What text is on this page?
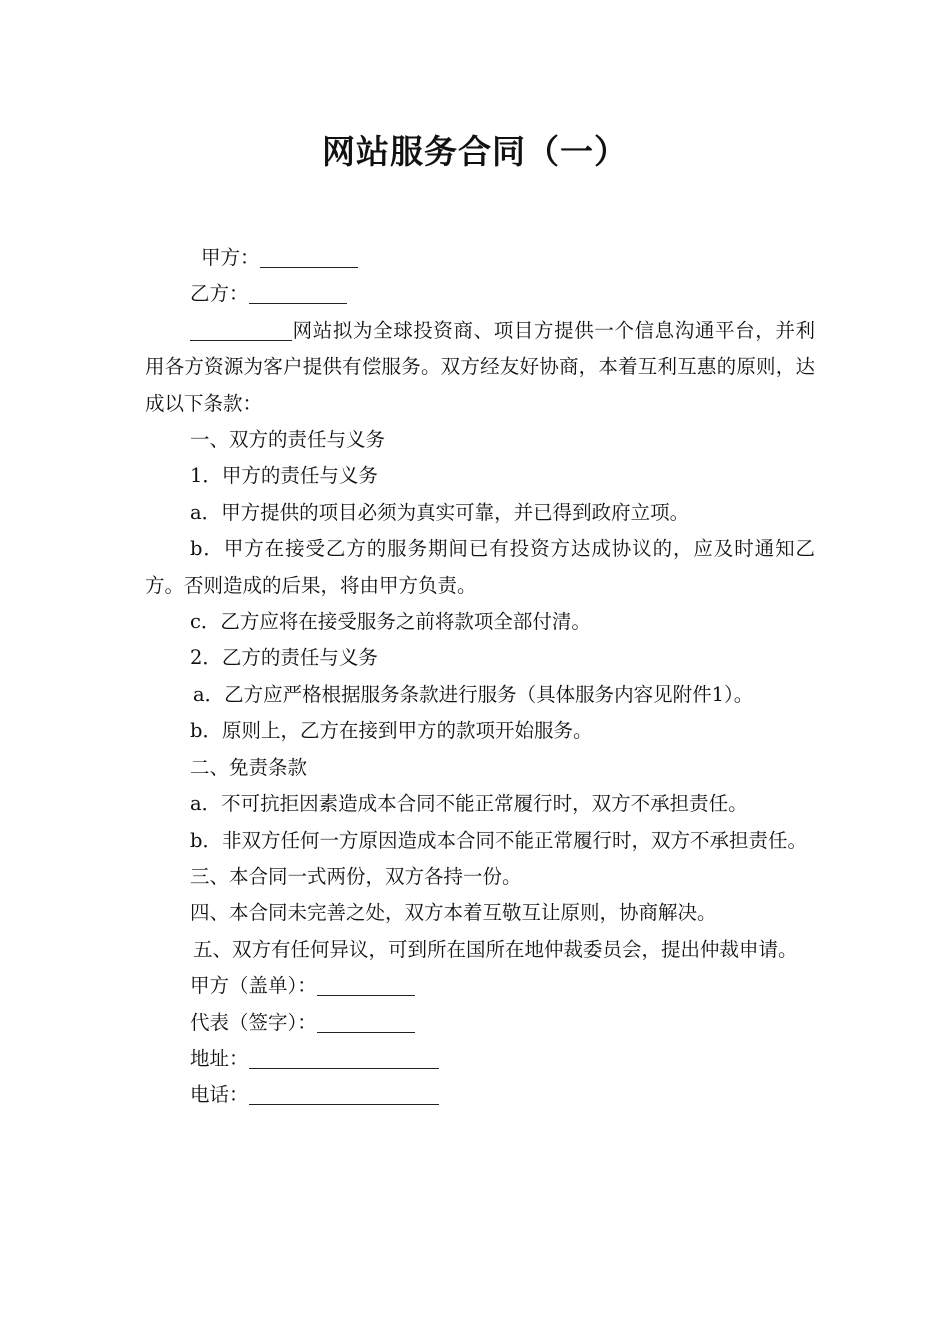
网站服务合同（一）

甲方：

乙方：

网站拟为全球投资商、项目方提供一个信息沟通平台，并利用各方资源为客户提供有偿服务。双方经友好协商，本着互利互惠的原则，达成以下条款：

一、双方的责任与义务

1．甲方的责任与义务

a．甲方提供的项目必须为真实可靠，并已得到政府立项。

b．甲方在接受乙方的服务期间已有投资方达成协议的，应及时通知乙方。否则造成的后果，将由甲方负责。

c．乙方应将在接受服务之前将款项全部付清。

2．乙方的责任与义务

a．乙方应严格根据服务条款进行服务（具体服务内容见附件1）。

b．原则上，乙方在接到甲方的款项开始服务。

二、免责条款

a．不可抗拒因素造成本合同不能正常履行时，双方不承担责任。

b．非双方任何一方原因造成本合同不能正常履行时，双方不承担责任。

三、本合同一式两份，双方各持一份。

四、本合同未完善之处，双方本着互敬互让原则，协商解决。

五、双方有任何异议，可到所在国所在地仲裁委员会，提出仲裁申请。

甲方（盖单）：

代表（签字）：

地址：

电话：
